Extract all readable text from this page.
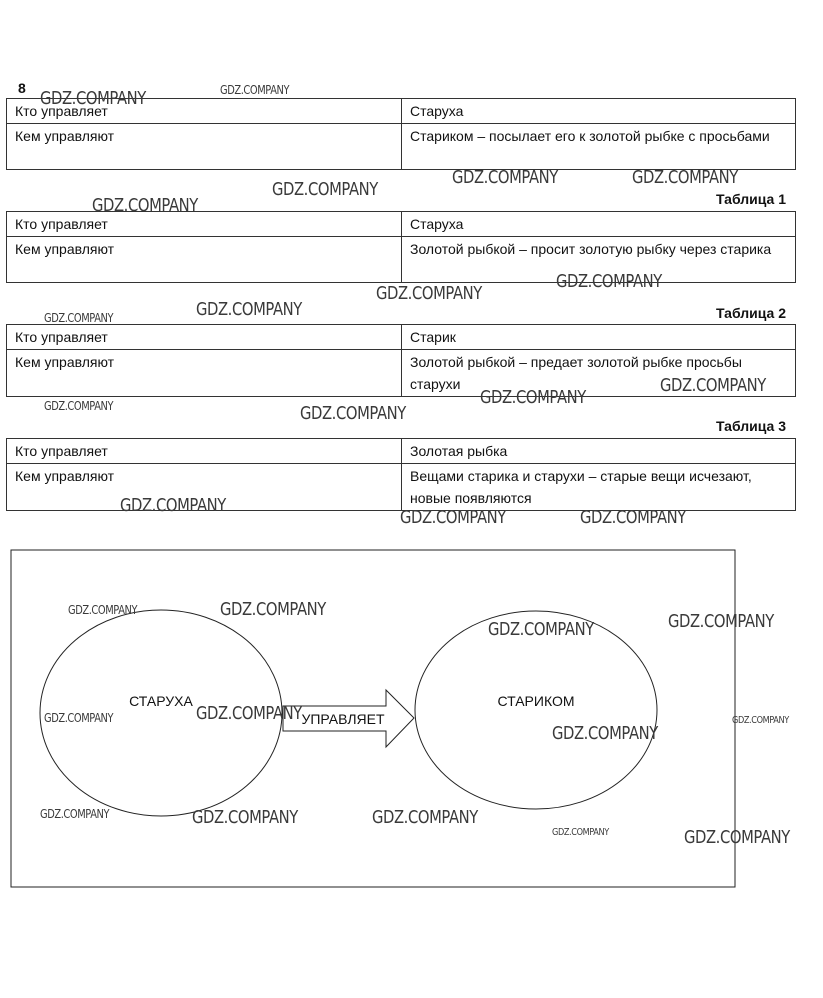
8
Кто управляет	Старуха
Кем управляют	Стариком – посылает его к золотой рыбке с просьбами
Таблица 1
Кто управляет	Старуха
Кем управляют	Золотой рыбкой – просит золотую рыбку через старика
Таблица 2
Кто управляет	Старик
Кем управляют	Золотой рыбкой – предает золотой рыбке просьбы старухи
Таблица 3
Кто управляет	Золотая рыбка
Кем управляют	Вещами старика и старухи – старые вещи исчезают, новые появляются
СТАРУХА	СТАРИКОМ
УПРАВЛЯЕТ
GDZ.COMPANY	GDZ.COMPANY
GDZ.COMPANY
GDZ.COMPANY	GDZ.COMPANY
GDZ.COMPANY
GDZ.COMPANY
GDZ.COMPANY
GDZ.COMPANY
GDZ.COMPANY
GDZ.COMPANY
GDZ.COMPANY
GDZ.COMPANY
GDZ.COMPANY
GDZ.COMPANY
GDZ.COMPANY	GDZ.COMPANY
GDZ.COMPANY	GDZ.COMPANY
GDZ.COMPANY	GDZ.COMPANY
GDZ.COMPANY	GDZ.COMPANY	GDZ.COMPANY
GDZ.COMPANY
GDZ.COMPANY	GDZ.COMPANY	GDZ.COMPANY
GDZ.COMPANY	GDZ.COMPANY
